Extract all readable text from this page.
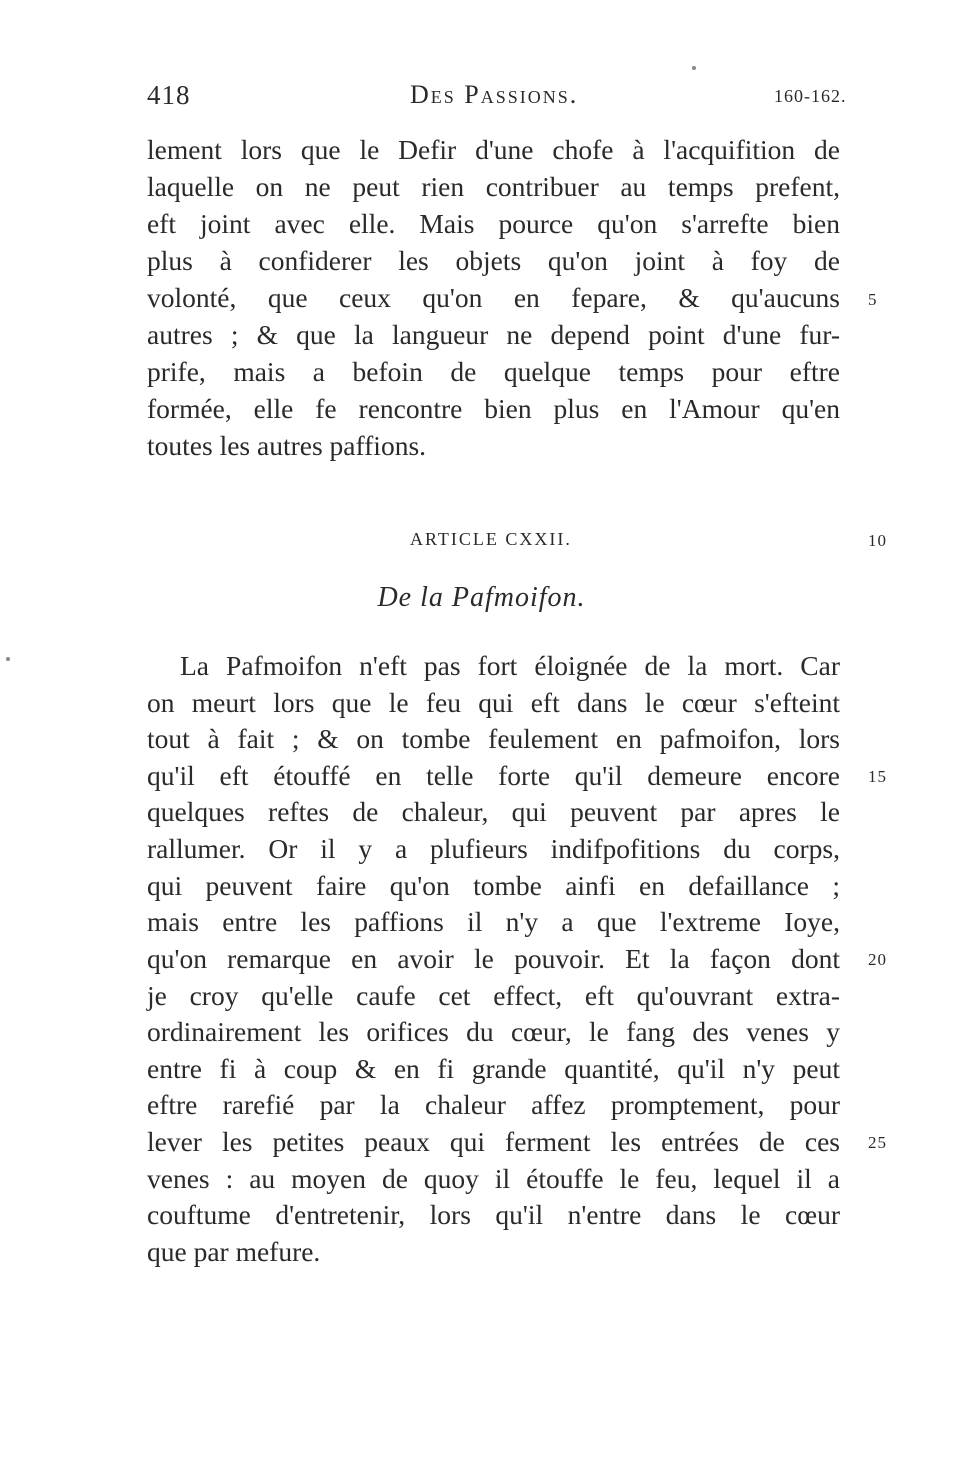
418	Des Passions.	160-162.
lement lors que le Defir d'une chofe à l'acquifition de
laquelle on ne peut rien contribuer au temps prefent,
eft joint avec elle. Mais pource qu'on s'arrefte bien
plus à confiderer les objets qu'on joint à foy de
volonté, que ceux qu'on en fepare, & qu'aucuns
autres ; & que la langueur ne depend point d'une fur-
prife, mais a befoin de quelque temps pour eftre
formée, elle fe rencontre bien plus en l'Amour qu'en
toutes les autres paffions.
ARTICLE CXXII.
De la Pafmoifon.
La Pafmoifon n'eft pas fort éloignée de la mort. Car
on meurt lors que le feu qui eft dans le cœur s'efteint
tout à fait ; & on tombe feulement en pafmoifon, lors
qu'il eft étouffé en telle forte qu'il demeure encore
quelques reftes de chaleur, qui peuvent par apres le
rallumer. Or il y a plufieurs indifpofitions du corps,
qui peuvent faire qu'on tombe ainfi en defaillance ;
mais entre les paffions il n'y a que l'extreme Ioye,
qu'on remarque en avoir le pouvoir. Et la façon dont
je croy qu'elle caufe cet effect, eft qu'ouvrant extra-
ordinairement les orifices du cœur, le fang des venes y
entre fi à coup & en fi grande quantité, qu'il n'y peut
eftre rarefié par la chaleur affez promptement, pour
lever les petites peaux qui ferment les entrées de ces
venes : au moyen de quoy il étouffe le feu, lequel il a
couftume d'entretenir, lors qu'il n'entre dans le cœur
que par mefure.
5
10
15
20
25
